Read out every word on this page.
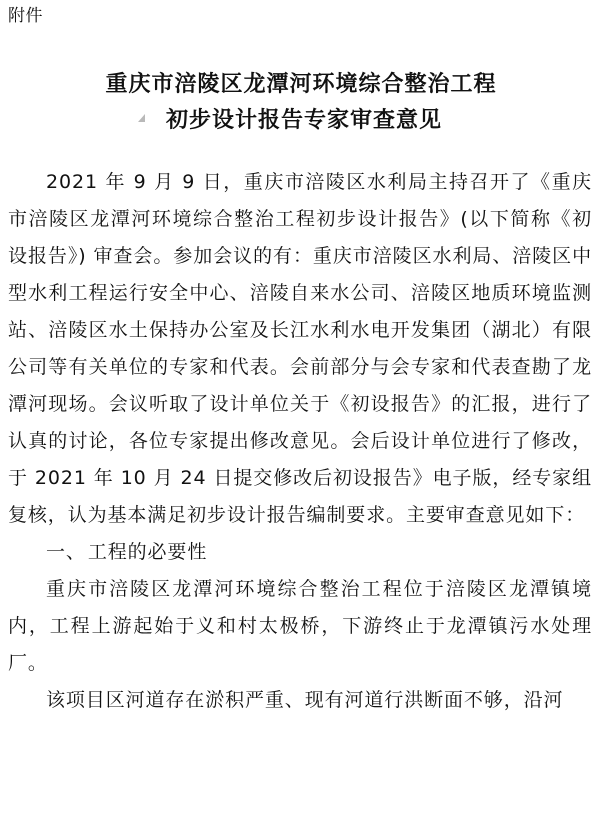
附件
重庆市涪陵区龙潭河环境综合整治工程
初步设计报告专家审查意见

2021 年 9 月 9 日，重庆市涪陵区水利局主持召开了《重庆市涪陵区龙潭河环境综合整治工程初步设计报告》(以下简称《初设报告》) 审查会。参加会议的有：重庆市涪陵区水利局、涪陵区中型水利工程运行安全中心、涪陵自来水公司、涪陵区地质环境监测站、涪陵区水土保持办公室及长江水利水电开发集团（湖北）有限公司等有关单位的专家和代表。会前部分与会专家和代表查勘了龙潭河现场。会议听取了设计单位关于《初设报告》的汇报，进行了认真的讨论，各位专家提出修改意见。会后设计单位进行了修改，于 2021 年 10 月 24 日提交修改后初设报告》电子版，经专家组复核，认为基本满足初步设计报告编制要求。主要审查意见如下：

一、 工程的必要性

重庆市涪陵区龙潭河环境综合整治工程位于涪陵区龙潭镇境内，工程上游起始于义和村太极桥，下游终止于龙潭镇污水处理厂。

该项目区河道存在淤积严重、现有河道行洪断面不够，沿河
